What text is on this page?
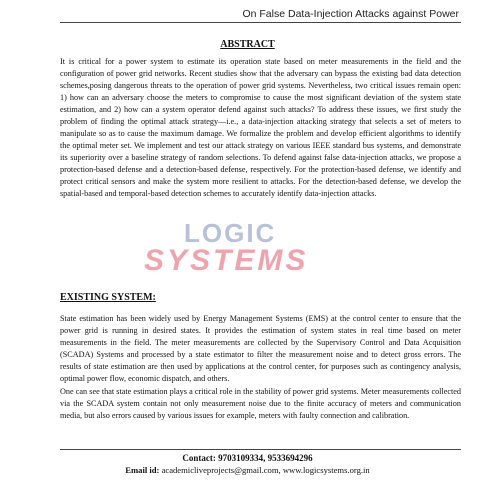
On False Data-Injection Attacks against Power
ABSTRACT

It is critical for a power system to estimate its operation state based on meter measurements in the field and the configuration of power grid networks. Recent studies show that the adversary can bypass the existing bad data detection schemes,posing dangerous threats to the operation of power grid systems. Nevertheless, two critical issues remain open: 1) how can an adversary choose the meters to compromise to cause the most significant deviation of the system state estimation, and 2) how can a system operator defend against such attacks? To address these issues, we first study the problem of finding the optimal attack strategy—i.e., a data-injection attacking strategy that selects a set of meters to manipulate so as to cause the maximum damage. We formalize the problem and develop efficient algorithms to identify the optimal meter set. We implement and test our attack strategy on various IEEE standard bus systems, and demonstrate its superiority over a baseline strategy of random selections. To defend against false data-injection attacks, we propose a protection-based defense and a detection-based defense, respectively. For the protection-based defense, we identify and protect critical sensors and make the system more resilient to attacks. For the detection-based defense, we develop the spatial-based and temporal-based detection schemes to accurately identify data-injection attacks.

LOGIC
SYSTEMS
EXISTING SYSTEM:

State estimation has been widely used by Energy Management Systems (EMS) at the control center to ensure that the power grid is running in desired states. It provides the estimation of system states in real time based on meter measurements in the field. The meter measurements are collected by the Supervisory Control and Data Acquisition (SCADA) Systems and processed by a state estimator to filter the measurement noise and to detect gross errors. The results of state estimation are then used by applications at the control center, for purposes such as contingency analysis, optimal power flow, economic dispatch, and others.

One can see that state estimation plays a critical role in the stability of power grid systems. Meter measurements collected via the SCADA system contain not only measurement noise due to the finite accuracy of meters and communication media, but also errors caused by various issues for example, meters with faulty connection and calibration.

Contact: 9703109334, 9533694296
Email id: academicliveprojects@gmail.com, www.logicsystems.org.in
